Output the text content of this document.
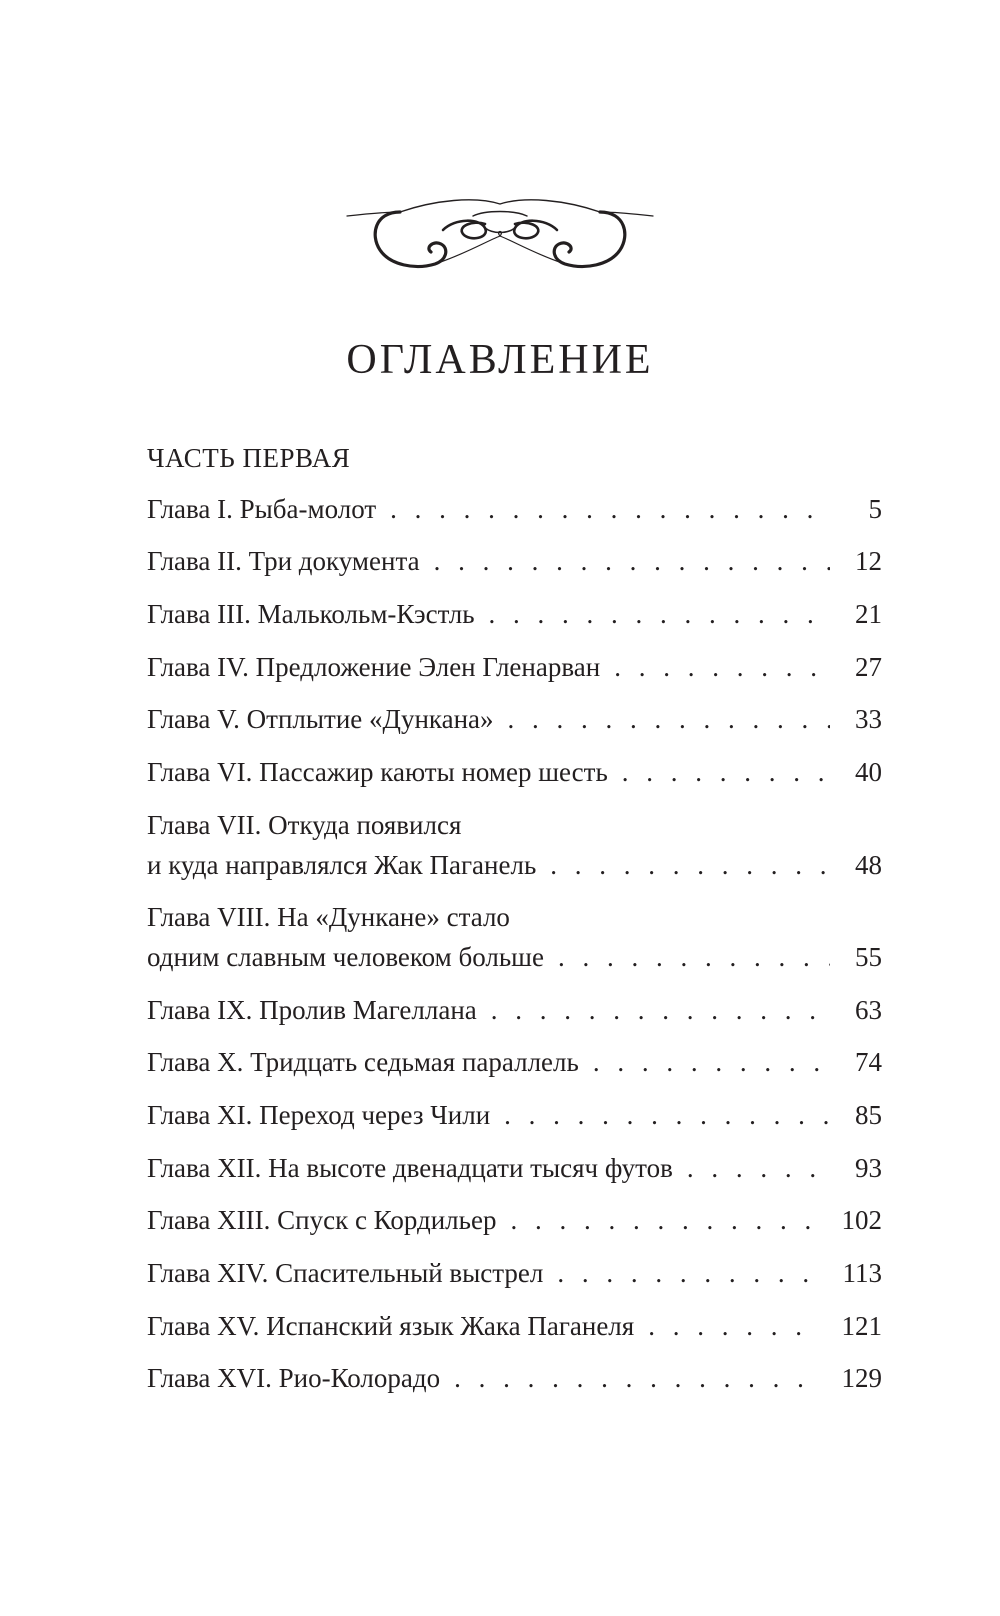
ОГЛАВЛЕНИЕ
ЧАСТЬ ПЕРВАЯ
Глава I. Рыба-молот . . .	5
Глава II. Три документа . . .	12
Глава III. Малькольм-Кэстль . . .	21
Глава IV. Предложение Элен Гленарван . . .	27
Глава V. Отплытие «Дункана» . . .	33
Глава VI. Пассажир каюты номер шесть . . .	40
Глава VII. Откуда появился
и куда направлялся Жак Паганель . . .	48
Глава VIII. На «Дункане» стало
одним славным человеком больше . . .	55
Глава IX. Пролив Магеллана . . .	63
Глава X. Тридцать седьмая параллель . . .	74
Глава XI. Переход через Чили . . .	85
Глава XII. На высоте двенадцати тысяч футов . . .	93
Глава XIII. Спуск с Кордильер . . .	102
Глава XIV. Спасительный выстрел . . .	113
Глава XV. Испанский язык Жака Паганеля . . .	121
Глава XVI. Рио-Колорадо . . .	129
